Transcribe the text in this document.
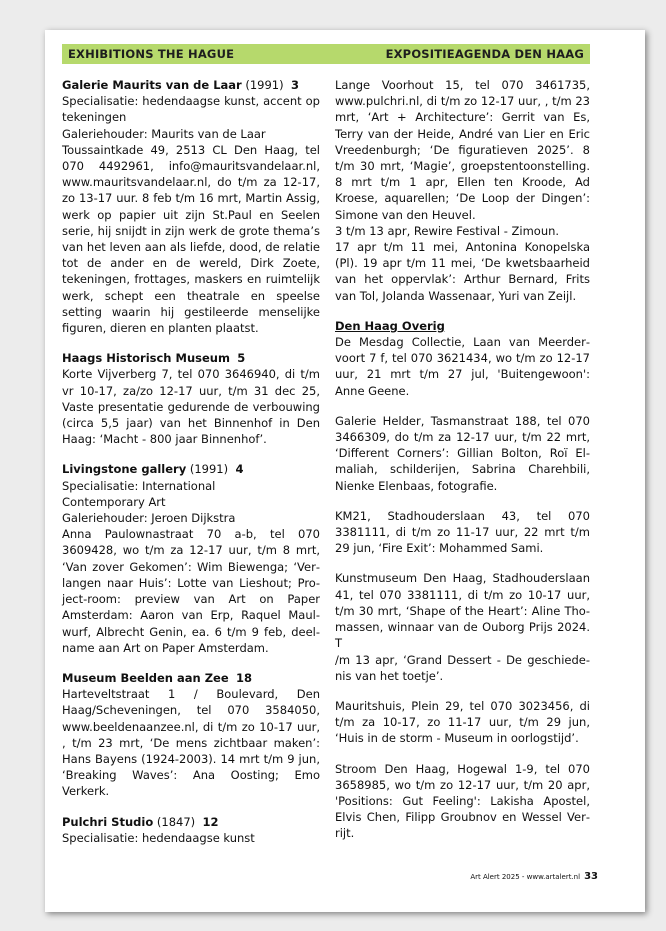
EXHIBITIONS THE HAGUE	EXPOSITIEAGENDA DEN HAAG
Galerie Maurits van de Laar (1991) 3

Specialisatie: hedendaagse kunst, accent op tekeningen

Galeriehouder: Maurits van de Laar

Toussaintkade 49, 2513 CL Den Haag, tel 070 4492961, info@mauritsvandelaar.nl, www.mauritsvandelaar.nl, do t/m za 12-17, zo 13-17 uur. 8 feb t/m 16 mrt, Martin Assig, werk op papier uit zijn St.Paul en Seelen serie, hij snijdt in zijn werk de grote thema’s van het leven aan als liefde, dood, de relatie tot de ander en de wereld, Dirk Zoete, tekeningen, frottages, maskers en ruimtelijk werk, schept een theatrale en speelse setting waarin hij gestileerde menselijke figuren, dieren en planten plaatst.

Haags Historisch Museum 5

Korte Vijverberg 7, tel 070 3646940, di t/m vr 10-17, za/zo 12-17 uur, t/m 31 dec 25, Vaste presentatie gedurende de verbouwing (circa 5,5 jaar) van het Binnenhof in Den Haag: ‘Macht - 800 jaar Binnenhof’.

Livingstone gallery (1991) 4

Specialisatie: International

Contemporary Art

Galeriehouder: Jeroen Dijkstra

Anna Paulownastraat 70 a-b, tel 070 3609428, wo t/m za 12-17 uur, t/m 8 mrt, ‘Van zover Gekomen’: Wim Biewenga; ‘Verlangen naar Huis’: Lotte van Lieshout; Project-room: preview van Art on Paper Amsterdam: Aaron van Erp, Raquel Maulwurf, Albrecht Genin, ea. 6 t/m 9 feb, deelname aan Art on Paper Amsterdam.

Museum Beelden aan Zee 18

Harteveltstraat 1 / Boulevard, Den Haag/Scheveningen, tel 070 3584050, www.beeldenaanzee.nl, di t/m zo 10-17 uur, , t/m 23 mrt, ‘De mens zichtbaar maken’: Hans Bayens (1924-2003). 14 mrt t/m 9 jun, ‘Breaking Waves’: Ana Oosting; Emo Verkerk.

Pulchri Studio (1847) 12

Specialisatie: hedendaagse kunst

Lange Voorhout 15, tel 070 3461735, www.pulchri.nl, di t/m zo 12-17 uur, , t/m 23 mrt, ‘Art + Architecture’: Gerrit van Es, Terry van der Heide, André van Lier en Eric Vreedenburgh; ‘De figuratieven 2025’. 8 t/m 30 mrt, ‘Magie’, groepstentoonstelling. 8 mrt t/m 1 apr, Ellen ten Kroode, Ad Kroese, aquarellen; ‘De Loop der Dingen’: Simone van den Heuvel.

3 t/m 13 apr, Rewire Festival - Zimoun.

17 apr t/m 11 mei, Antonina Konopelska (Pl). 19 apr t/m 11 mei, ‘De kwetsbaarheid van het oppervlak’: Arthur Bernard, Frits van Tol, Jolanda Wassenaar, Yuri van Zeijl.

Den Haag Overig

De Mesdag Collectie, Laan van Meerdervoort 7 f, tel 070 3621434, wo t/m zo 12-17 uur, 21 mrt t/m 27 jul, 'Buitengewoon': Anne Geene.

Galerie Helder, Tasmanstraat 188, tel 070 3466309, do t/m za 12-17 uur, t/m 22 mrt, ‘Different Corners’: Gillian Bolton, Roï Elmaliah, schilderijen, Sabrina Charehbili, Nienke Elenbaas, fotografie.

KM21, Stadhouderslaan 43, tel 070 3381111, di t/m zo 11-17 uur, 22 mrt t/m 29 jun, ‘Fire Exit’: Mohammed Sami.

Kunstmuseum Den Haag, Stadhouderslaan 41, tel 070 3381111, di t/m zo 10-17 uur, t/m 30 mrt, ‘Shape of the Heart’: Aline Thomassen, winnaar van de Ouborg Prijs 2024. T

/m 13 apr, ‘Grand Dessert - De geschiedenis van het toetje’.

Mauritshuis, Plein 29, tel 070 3023456, di t/m za 10-17, zo 11-17 uur, t/m 29 jun, ‘Huis in de storm - Museum in oorlogstijd’.

Stroom Den Haag, Hogewal 1-9, tel 070 3658985, wo t/m zo 12-17 uur, t/m 20 apr, 'Positions: Gut Feeling': Lakisha Apostel, Elvis Chen, Filipp Groubnov en Wessel Verrijt.

Art Alert 2025 - www.artalert.nl 33
